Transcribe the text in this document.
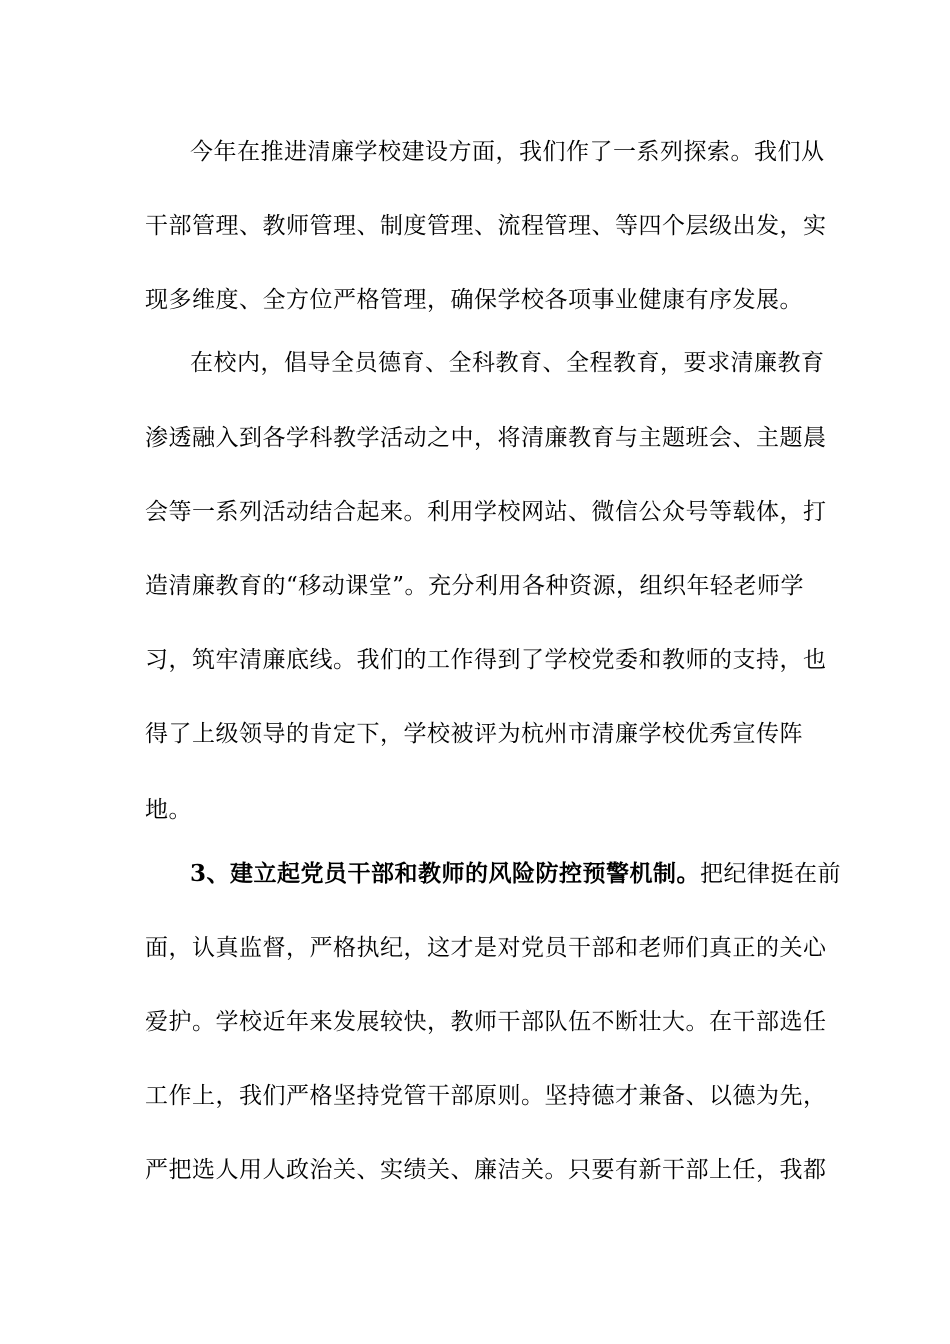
今年在推进清廉学校建设方面，我们作了一系列探索。我们从
干部管理、教师管理、制度管理、流程管理、等四个层级出发，实
现多维度、全方位严格管理，确保学校各项事业健康有序发展。
在校内，倡导全员德育、全科教育、全程教育，要求清廉教育
渗透融入到各学科教学活动之中，将清廉教育与主题班会、主题晨
会等一系列活动结合起来。利用学校网站、微信公众号等载体，打
造清廉教育的“移动课堂”。充分利用各种资源，组织年轻老师学
习，筑牢清廉底线。我们的工作得到了学校党委和教师的支持，也
得了上级领导的肯定下，学校被评为杭州市清廉学校优秀宣传阵
地。
3、建立起党员干部和教师的风险防控预警机制。把纪律挺在前
面，认真监督，严格执纪，这才是对党员干部和老师们真正的关心
爱护。学校近年来发展较快，教师干部队伍不断壮大。在干部选任
工作上，我们严格坚持党管干部原则。坚持德才兼备、以德为先，
严把选人用人政治关、实绩关、廉洁关。只要有新干部上任，我都
